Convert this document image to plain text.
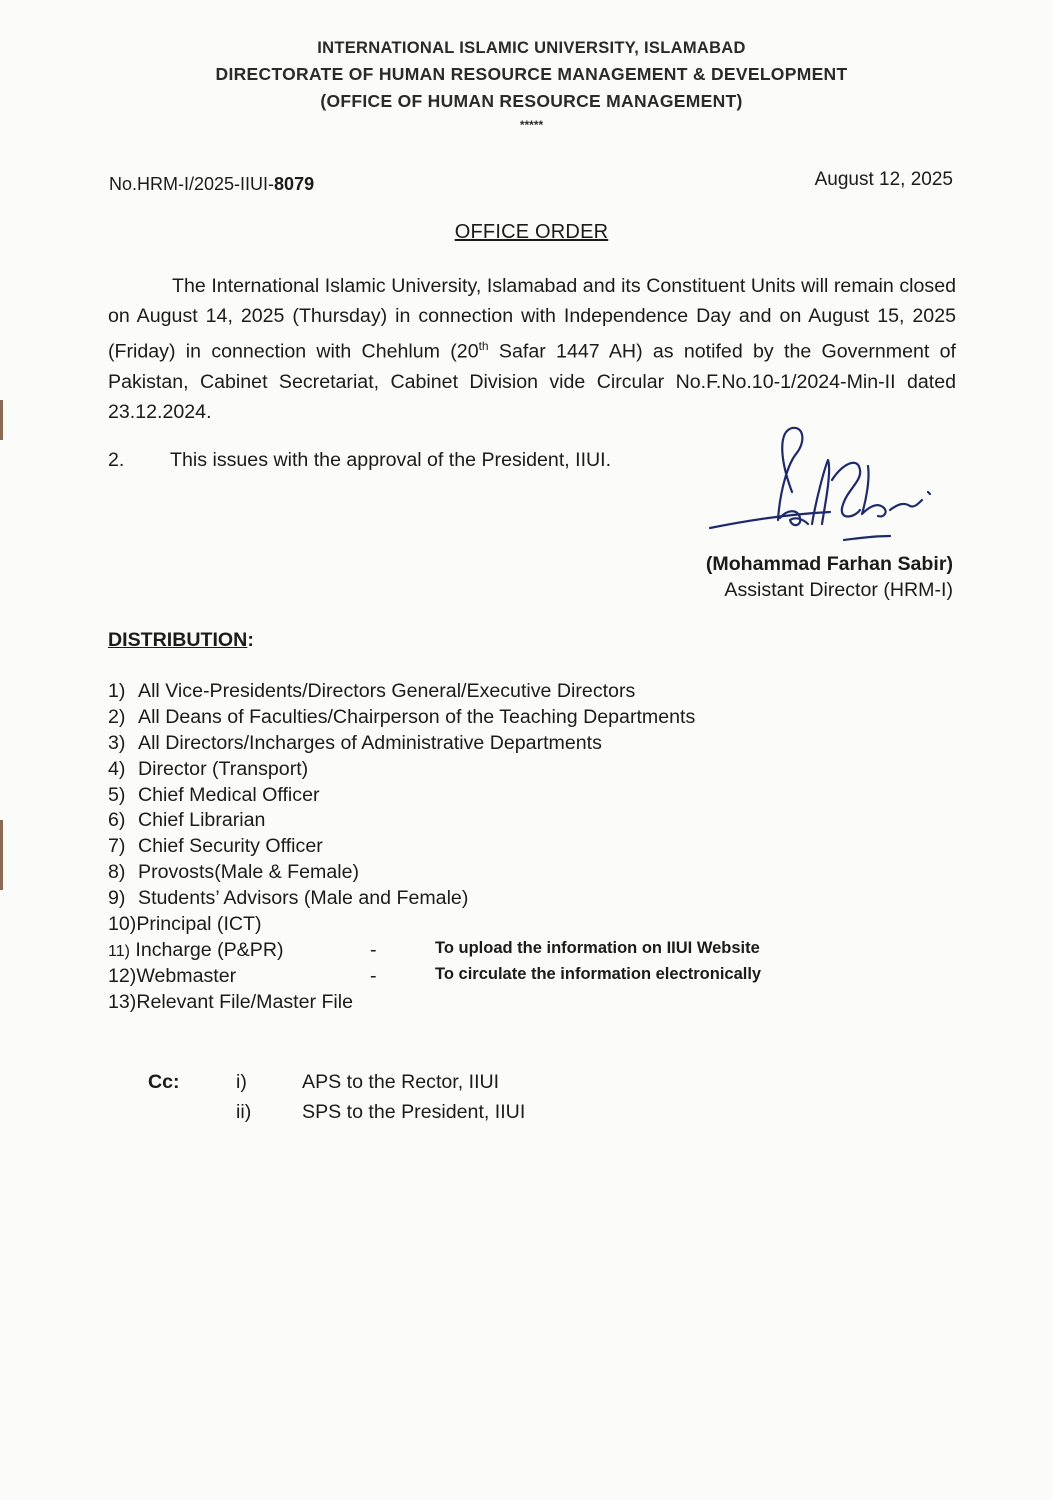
INTERNATIONAL ISLAMIC UNIVERSITY, ISLAMABAD
DIRECTORATE OF HUMAN RESOURCE MANAGEMENT & DEVELOPMENT
(OFFICE OF HUMAN RESOURCE MANAGEMENT)
*****
No.HRM-I/2025-IIUI-8079	August 12, 2025
OFFICE ORDER
The International Islamic University, Islamabad and its Constituent Units will remain closed on August 14, 2025 (Thursday) in connection with Independence Day and on August 15, 2025 (Friday) in connection with Chehlum (20th Safar 1447 AH) as notifed by the Government of Pakistan, Cabinet Secretariat, Cabinet Division vide Circular No.F.No.10-1/2024-Min-II dated 23.12.2024.
2. This issues with the approval of the President, IIUI.
(Mohammad Farhan Sabir)
Assistant Director (HRM-I)
DISTRIBUTION:
1) All Vice-Presidents/Directors General/Executive Directors
2) All Deans of Faculties/Chairperson of the Teaching Departments
3) All Directors/Incharges of Administrative Departments
4) Director (Transport)
5) Chief Medical Officer
6) Chief Librarian
7) Chief Security Officer
8) Provosts(Male & Female)
9) Students’ Advisors (Male and Female)
10)Principal (ICT)
11) Incharge (P&PR)	-	To upload the information on IIUI Website
12)Webmaster	-	To circulate the information electronically
13)Relevant File/Master File
Cc:	i)	APS to the Rector, IIUI
ii)	SPS to the President, IIUI
